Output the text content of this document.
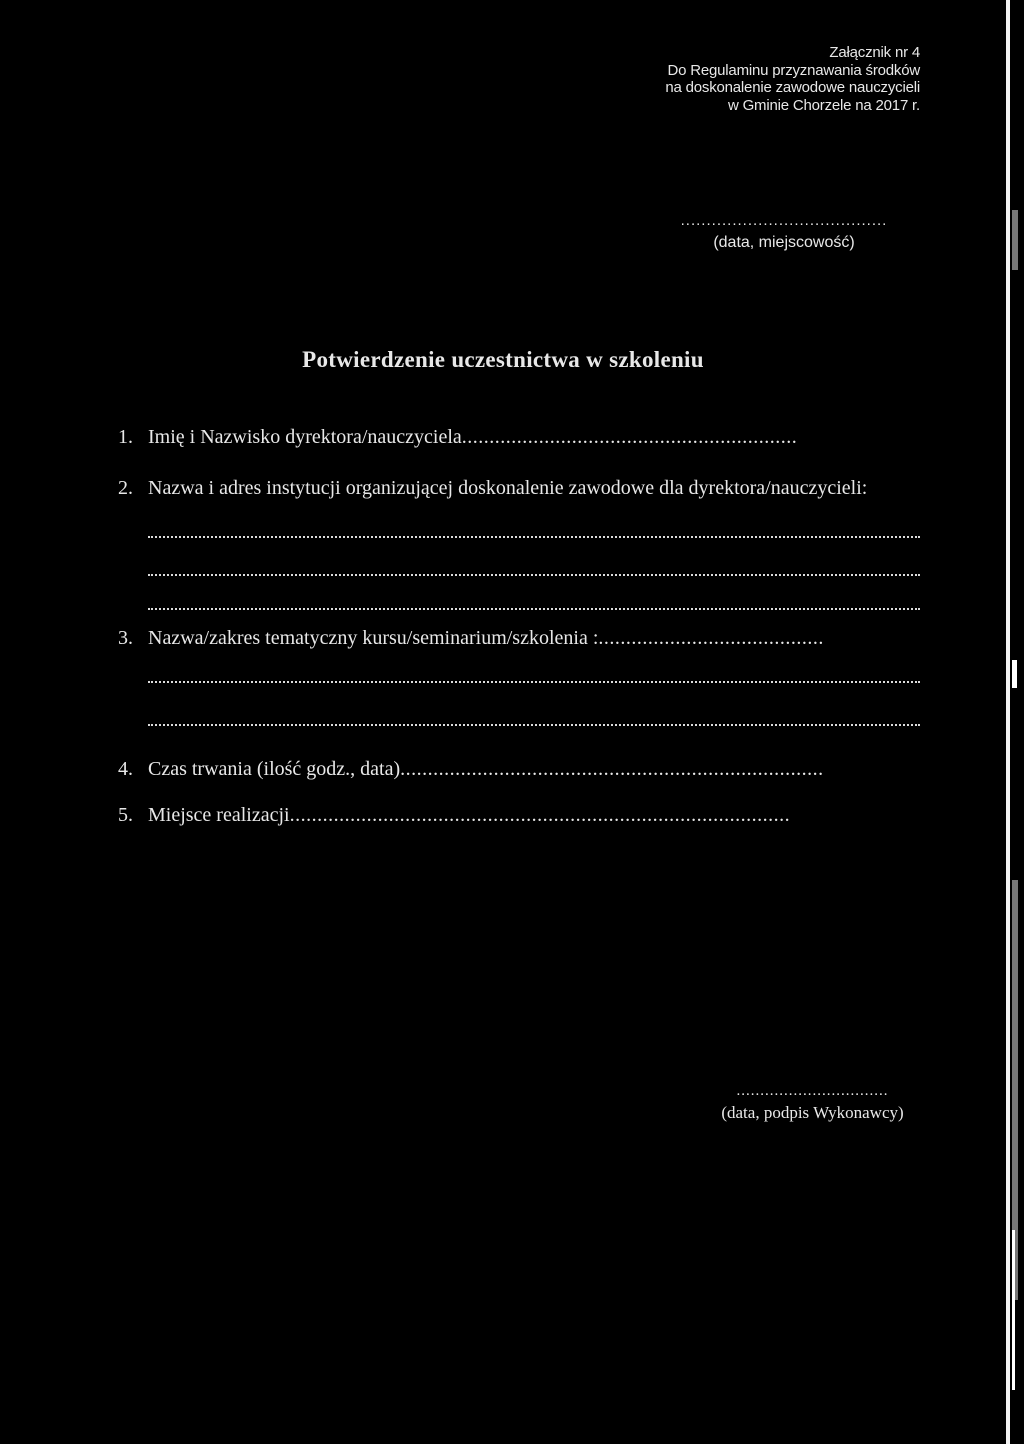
Załącznik nr 4
Do Regulaminu przyznawania środków
na doskonalenie zawodowe nauczycieli
w Gminie Chorzele na 2017 r.
........................................
(data, miejscowość)
Potwierdzenie uczestnictwa w szkoleniu
1. Imię i Nazwisko dyrektora/nauczyciela.............................................................
2. Nazwa i adres instytucji organizującej doskonalenie zawodowe dla dyrektora/nauczycieli:
3. Nazwa/zakres tematyczny kursu/seminarium/szkolenia :.........................................
4. Czas trwania (ilość godz., data).............................................................................
5. Miejsce realizacji...........................................................................................
................................
(data, podpis Wykonawcy)
